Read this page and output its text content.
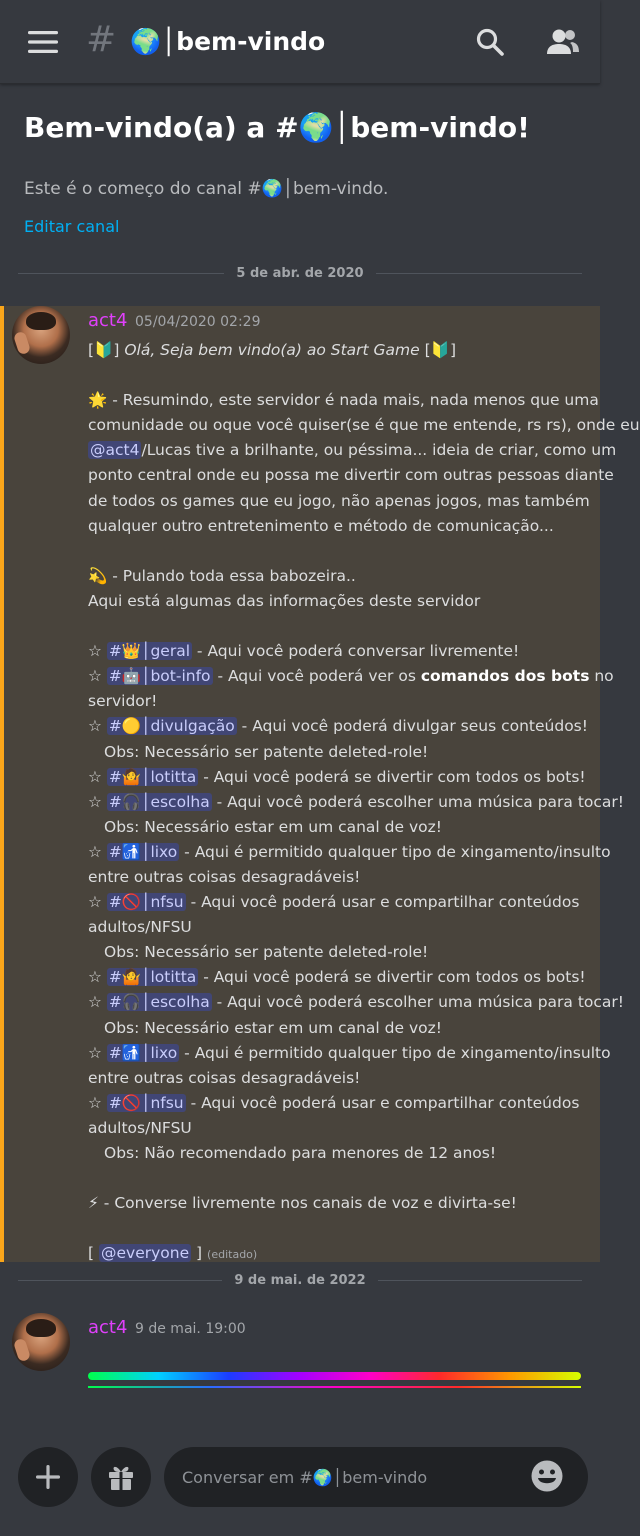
# 🌍│bem-vindo
Bem-vindo(a) a #🌍│bem-vindo!
Este é o começo do canal #🌍│bem-vindo.
Editar canal
5 de abr. de 2020
act4 05/04/2020 02:29
[🔰] Olá, Seja bem vindo(a) ao Start Game [🔰]
🌟 - Resumindo, este servidor é nada mais, nada menos que uma
comunidade ou oque você quiser(se é que me entende, rs rs), onde eu
@act4 /Lucas tive a brilhante, ou péssima... ideia de criar, como um
ponto central onde eu possa me divertir com outras pessoas diante
de todos os games que eu jogo, não apenas jogos, mas também
qualquer outro entretenimento e método de comunicação...
💫 - Pulando toda essa babozeira..
Aqui está algumas das informações deste servidor
☆ #👑│geral - Aqui você poderá conversar livremente!
☆ #🤖│bot-info - Aqui você poderá ver os comandos dos bots no
servidor!
☆ #🟡│divulgação - Aqui você poderá divulgar seus conteúdos!
Obs: Necessário ser patente deleted-role!
☆ #🤷│lotitta - Aqui você poderá se divertir com todos os bots!
☆ #🎧│escolha - Aqui você poderá escolher uma música para tocar!
Obs: Necessário estar em um canal de voz!
☆ #🚮│lixo - Aqui é permitido qualquer tipo de xingamento/insulto
entre outras coisas desagradáveis!
☆ #🚫│nfsu - Aqui você poderá usar e compartilhar conteúdos
adultos/NFSU
Obs: Necessário ser patente deleted-role!
☆ #🤷│lotitta - Aqui você poderá se divertir com todos os bots!
☆ #🎧│escolha - Aqui você poderá escolher uma música para tocar!
Obs: Necessário estar em um canal de voz!
☆ #🚮│lixo - Aqui é permitido qualquer tipo de xingamento/insulto
entre outras coisas desagradáveis!
☆ #🚫│nfsu - Aqui você poderá usar e compartilhar conteúdos
adultos/NFSU
Obs: Não recomendado para menores de 12 anos!
⚡ - Converse livremente nos canais de voz e divirta-se!
[ @everyone ] (editado)
9 de mai. de 2022
act4 9 de mai. 19:00
Conversar em #🌍│bem-vindo
